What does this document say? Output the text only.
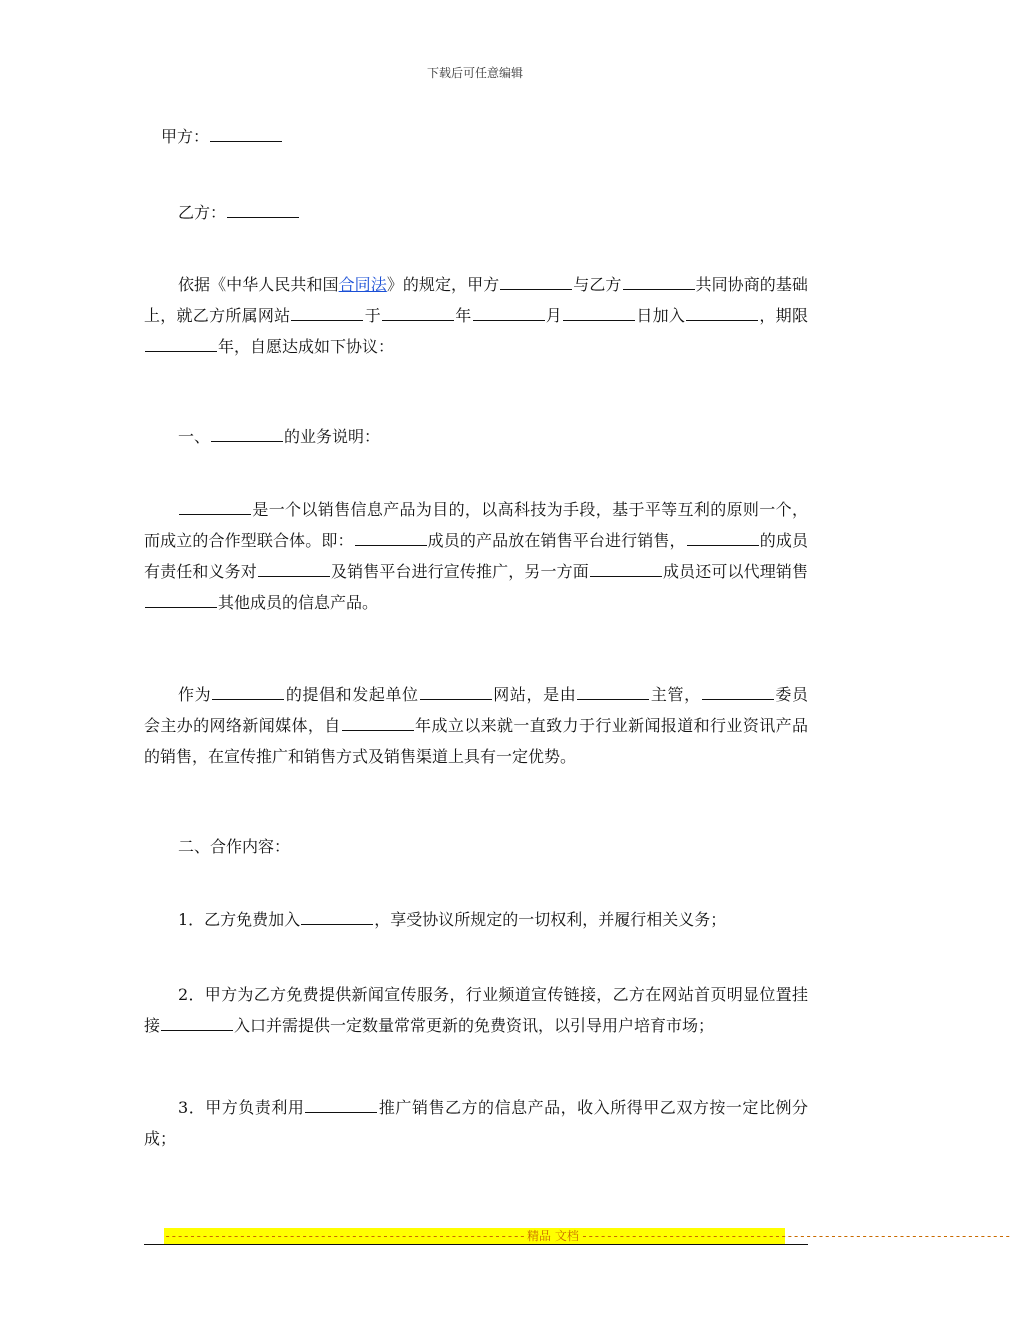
下载后可任意编辑

甲方：

乙方：

依据《中华人民共和国合同法》的规定，甲方	与乙方	共同协商的基础上，就乙方所属网站	于	年	月	日加入	，期限年，自愿达成如下协议：

一、	的业务说明：

是一个以销售信息产品为目的，以高科技为手段，基于平等互利的原则一个，而成立的合作型联合体。即：	成员的产品放在销售平台进行销售，	的成员有责任和义务对	及销售平台进行宣传推广，另一方面	成员还可以代理销售其他成员的信息产品。

作为	的提倡和发起单位	网站，是由	主管，	委员会主办的网络新闻媒体，自	年成立以来就一直致力于行业新闻报道和行业资讯产品的销售，在宣传推广和销售方式及销售渠道上具有一定优势。

二、合作内容：

1．乙方免费加入	，享受协议所规定的一切权利，并履行相关义务；

2．甲方为乙方免费提供新闻宣传服务，行业频道宣传链接，乙方在网站首页明显位置挂接	入口并需提供一定数量常常更新的免费资讯，以引导用户培育市场；

3．甲方负责利用	推广销售乙方的信息产品，收入所得甲乙双方按一定比例分成；

---------------------------------------------------------- 精品 文档 ---------------------------------------------------------------------
